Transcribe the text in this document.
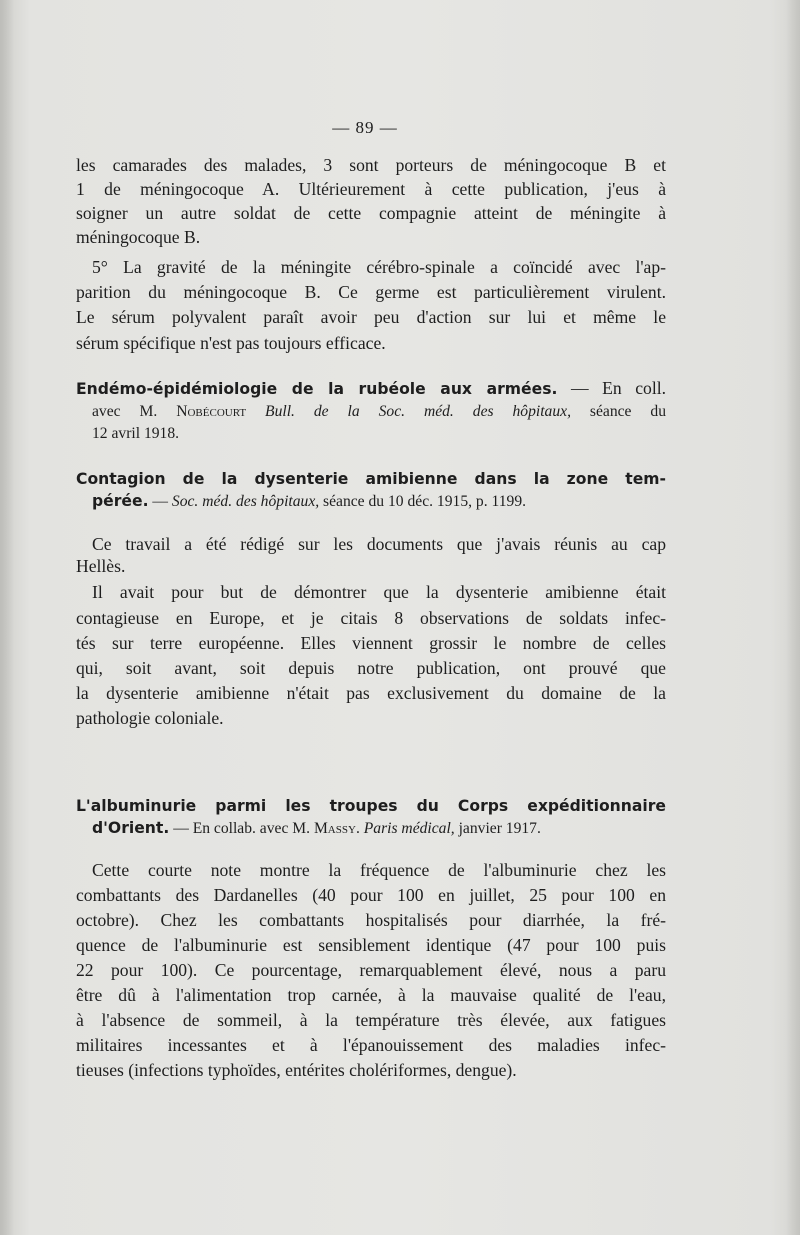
— 89 —
les camarades des malades, 3 sont porteurs de méningocoque B et
1 de méningocoque A. Ultérieurement à cette publication, j'eus à
soigner un autre soldat de cette compagnie atteint de méningite à
méningocoque B.
5° La gravité de la méningite cérébro-spinale a coïncidé avec l'ap-
parition du méningocoque B. Ce germe est particulièrement virulent.
Le sérum polyvalent paraît avoir peu d'action sur lui et même le
sérum spécifique n'est pas toujours efficace.
Endémo-épidémiologie de la rubéole aux armées. — En coll.
avec M. Nobécourt Bull. de la Soc. méd. des hôpitaux, séance du
12 avril 1918.
Contagion de la dysenterie amibienne dans la zone tem-
pérée. — Soc. méd. des hôpitaux, séance du 10 déc. 1915, p. 1199.
Ce travail a été rédigé sur les documents que j'avais réunis au cap
Hellès.
Il avait pour but de démontrer que la dysenterie amibienne était
contagieuse en Europe, et je citais 8 observations de soldats infec-
tés sur terre européenne. Elles viennent grossir le nombre de celles
qui, soit avant, soit depuis notre publication, ont prouvé que
la dysenterie amibienne n'était pas exclusivement du domaine de la
pathologie coloniale.
L'albuminurie parmi les troupes du Corps expéditionnaire
d'Orient. — En collab. avec M. Massy. Paris médical, janvier 1917.
Cette courte note montre la fréquence de l'albuminurie chez les
combattants des Dardanelles (40 pour 100 en juillet, 25 pour 100 en
octobre). Chez les combattants hospitalisés pour diarrhée, la fré-
quence de l'albuminurie est sensiblement identique (47 pour 100 puis
22 pour 100). Ce pourcentage, remarquablement élevé, nous a paru
être dû à l'alimentation trop carnée, à la mauvaise qualité de l'eau,
à l'absence de sommeil, à la température très élevée, aux fatigues
militaires incessantes et à l'épanouissement des maladies infec-
tieuses (infections typhoïdes, entérites cholériformes, dengue).
